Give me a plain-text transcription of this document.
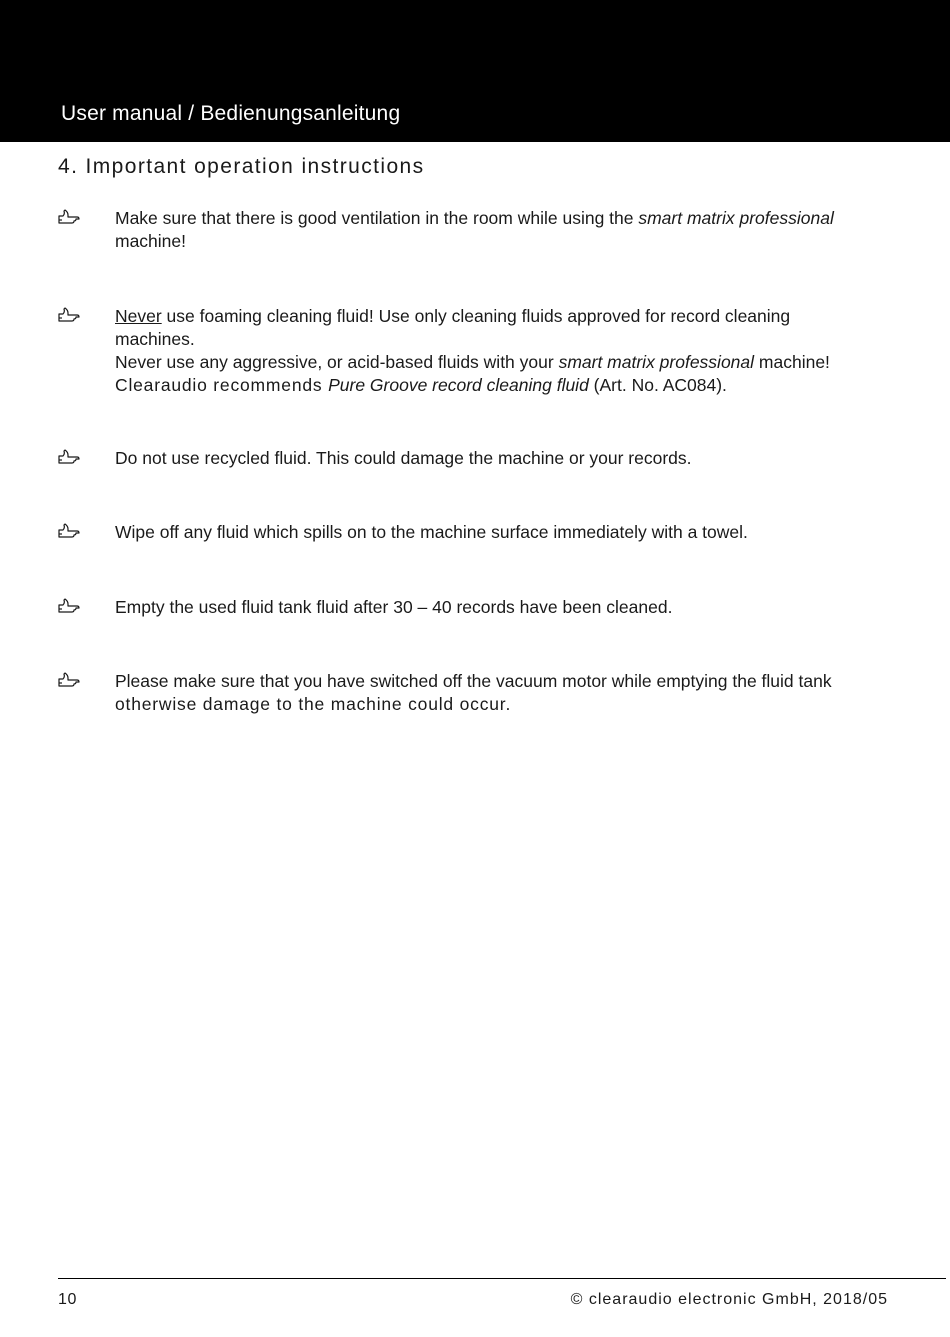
User manual / Bedienungsanleitung
4. Important operation instructions
Make sure that there is good ventilation in the room while using the smart matrix professional
machine!
Never use foaming cleaning fluid! Use only cleaning fluids approved for record cleaning
machines.
Never use any aggressive, or acid-based fluids with your smart matrix professional machine!
Clearaudio recommends Pure Groove record cleaning fluid (Art. No. AC084).
Do not use recycled fluid. This could damage the machine or your records.
Wipe off any fluid which spills on to the machine surface immediately with a towel.
Empty the used fluid tank fluid after 30 – 40 records have been cleaned.
Please make sure that you have switched off the vacuum motor while emptying the fluid tank
otherwise damage to the machine could occur.
10	© clearaudio electronic GmbH, 2018/05
